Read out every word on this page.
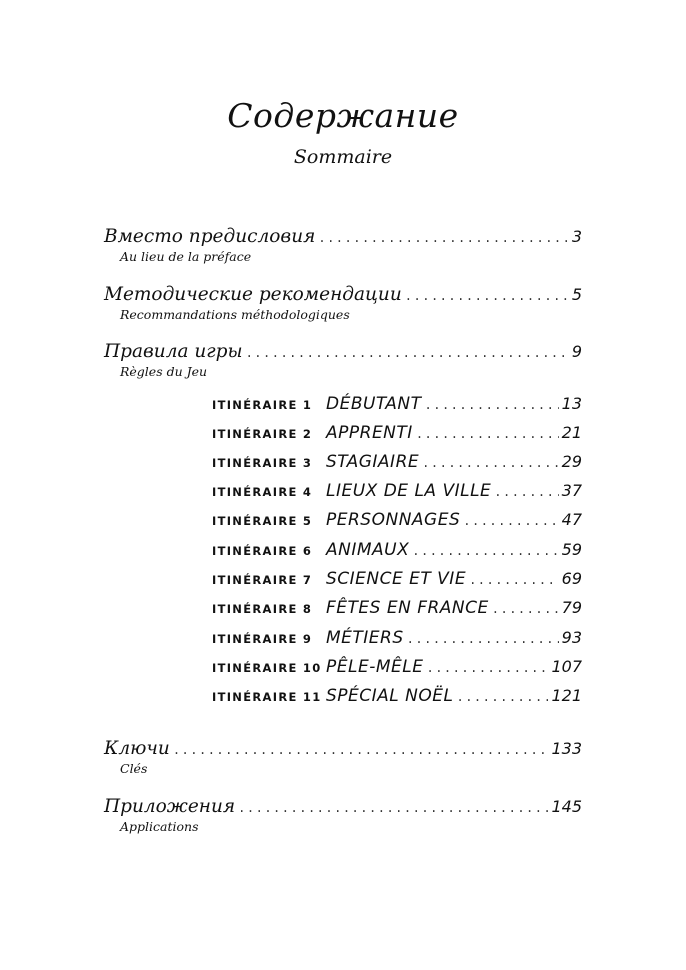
Содержание
Sommaire
Вместо предисловия .....	3
Au lieu de la préface
Методические рекомендации .....	5
Recommandations méthodologiques
Правила игры .....	9
Règles du Jeu
ITINÉRAIRE 1 DÉBUTANT .....	13
ITINÉRAIRE 2 APPRENTI .....	21
ITINÉRAIRE 3 STAGIAIRE .....	29
ITINÉRAIRE 4 LIEUX DE LA VILLE .....	37
ITINÉRAIRE 5 PERSONNAGES .....	47
ITINÉRAIRE 6 ANIMAUX .....	59
ITINÉRAIRE 7 SCIENCE ET VIE .....	69
ITINÉRAIRE 8 FÊTES EN FRANCE .....	79
ITINÉRAIRE 9 MÉTIERS .....	93
ITINÉRAIRE 10 PÊLE-MÊLE .....	107
ITINÉRAIRE 11 SPÉCIAL NOËL .....	121
Ключи .....	133
Clés
Приложения .....	145
Applications
